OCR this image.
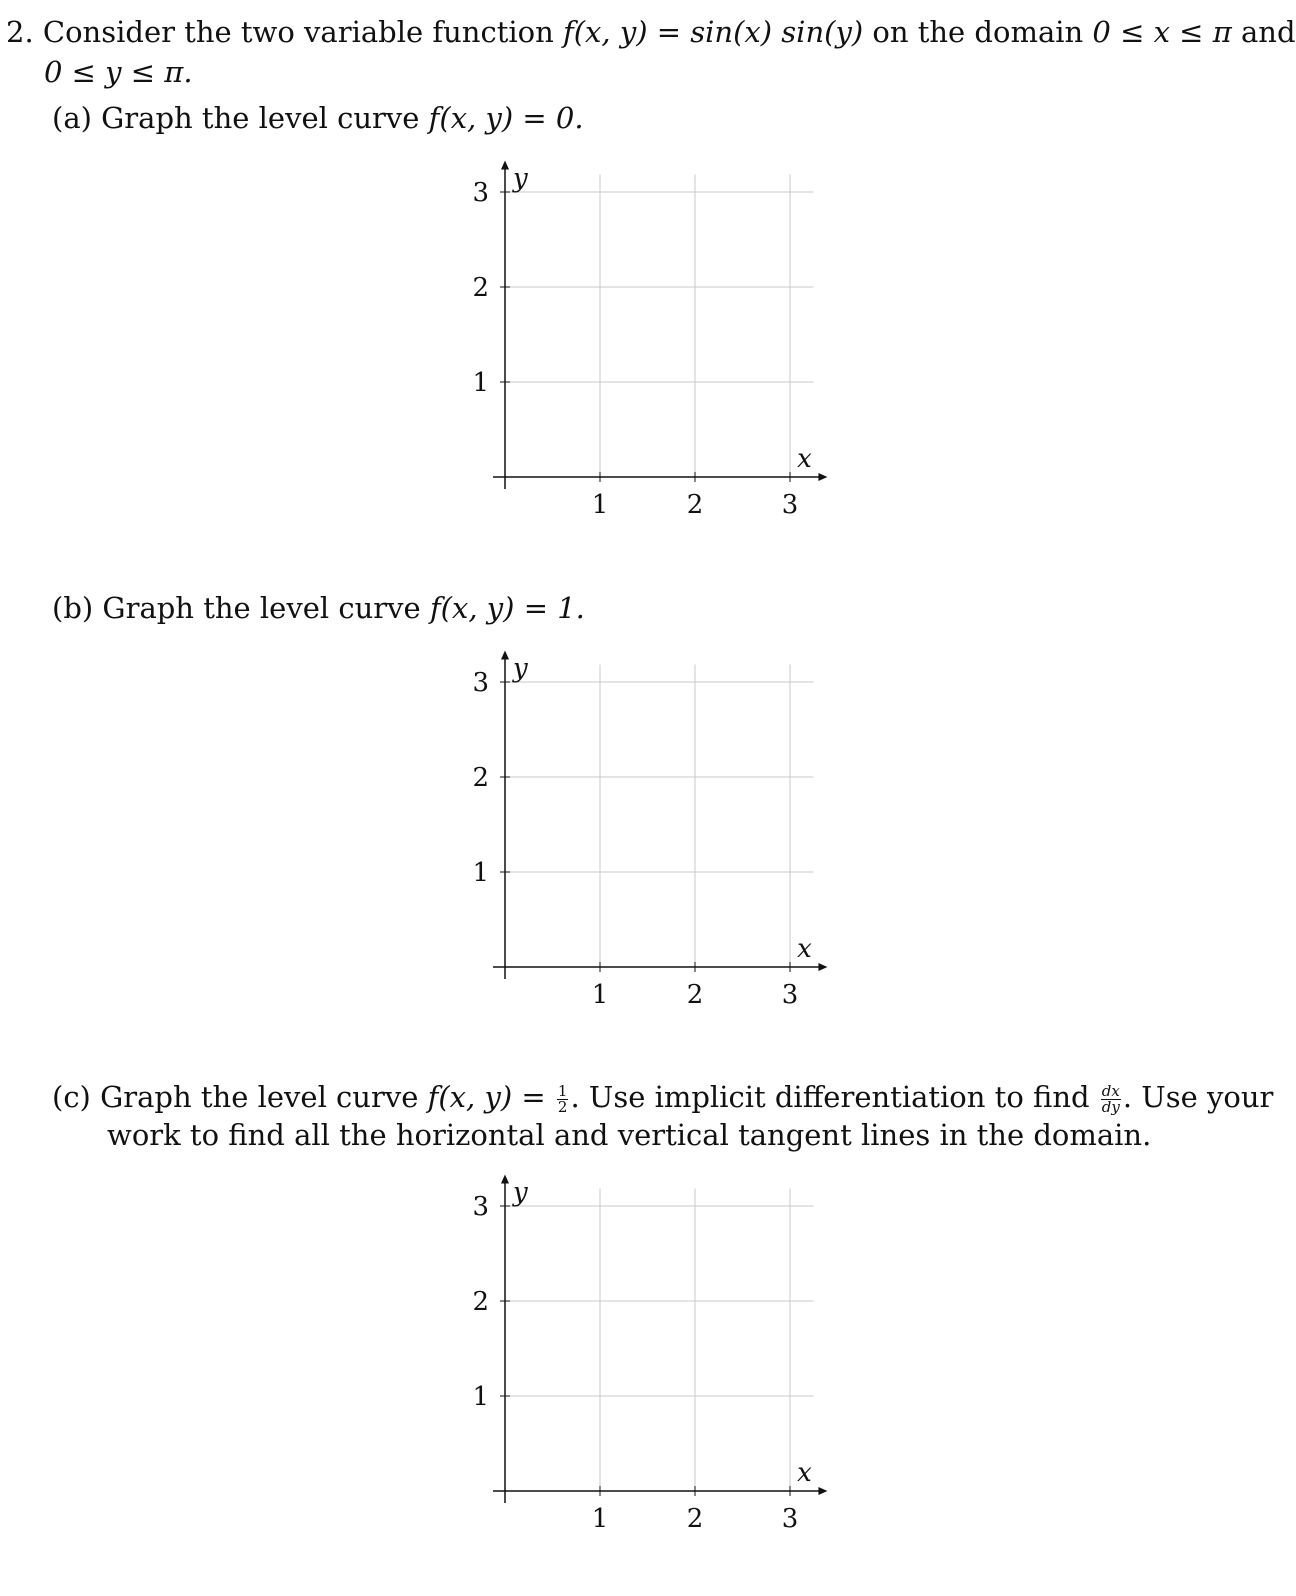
2. Consider the two variable function f(x, y) = sin(x) sin(y) on the domain 0 ≤ x ≤ π and
0 ≤ y ≤ π.
(a) Graph the level curve f(x, y) = 0.
(b) Graph the level curve f(x, y) = 1.
(c) Graph the level curve f(x, $y) = \frac{1}{2}$ . Use implicit differentiation to find $\frac{dx}{dy}$ . Use your
work to find all the horizontal and vertical tangent lines in the domain.
1	2	3
1
2
3
x
y
1	2	3
1
2
3
x
y
1	2	3
1
2
3
x
y
